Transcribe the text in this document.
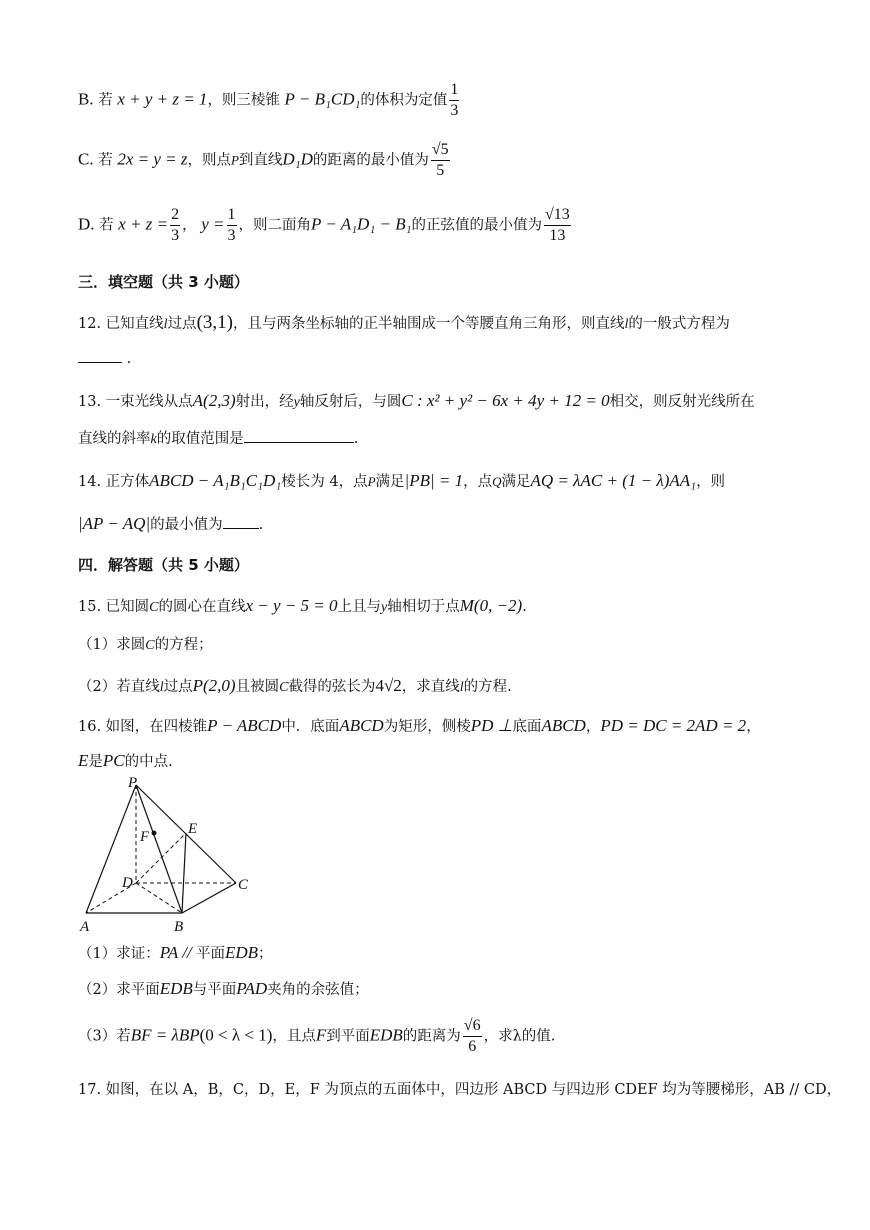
B. 若 x + y + z = 1，则三棱锥 P − B₁CD₁的体积为定值 $\frac{1}{3}$
C. 若 2x = y = z，则点P到直线D₁D的距离的最小值为 $\frac{√5}{5}$
D. 若 $x + z = \frac{2}{3}$ ， $y = \frac{1}{3}$ ，则二面角P − A₁D₁ − B₁的正弦值的最小值为 $\frac{√13}{13}$
三．填空题（共 3 小题）
12. 已知直线l过点(3,1)，且与两条坐标轴的正半轴围成一个等腰直角三角形，则直线l的一般式方程为
.
13. 一束光线从点A(2,3)射出，经y轴反射后，与圆C : x² + y² − 6x + 4y + 12 = 0相交，则反射光线所在
直线的斜率k的取值范围是	.
14. 正方体ABCD − A₁B₁C₁D₁棱长为 4，点P满足|PB| = 1，点Q满足AQ = λAC + (1 − λ)AA₁，则
|AP − AQ|的最小值为 .
四．解答题（共 5 小题）
15. 已知圆C的圆心在直线x − y − 5 = 0上且与y轴相切于点M(0, −2).
（1）求圆C的方程；
（2）若直线l过点P(2,0)且被圆C截得的弦长为4√2，求直线l的方程.
16. 如图，在四棱锥P − ABCD中．底面ABCD为矩形，侧棱PD ⊥底面ABCD，PD = DC = 2AD = 2，
E是PC的中点.
P
E
F
D	C
A	B
（1）求证：PA // 平面EDB；
（2）求平面EDB与平面PAD夹角的余弦值；
（3）若BF = λBP(0 < λ < 1)，且点F到平面EDB的距离为 $\frac{√6}{6}$ ，求λ的值.
17. 如图，在以 A，B，C，D，E，F 为顶点的五面体中，四边形 ABCD 与四边形 CDEF 均为等腰梯形，AB // CD，
